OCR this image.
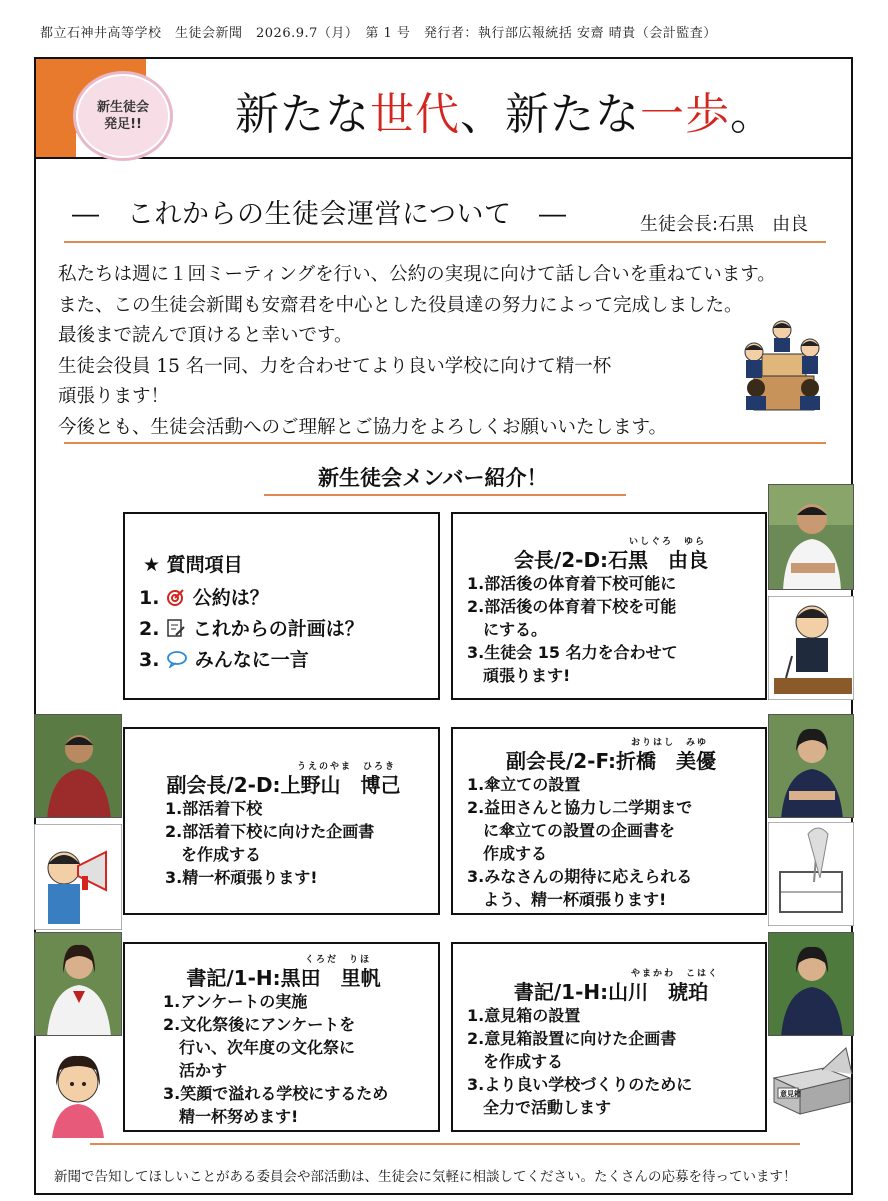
都立石神井高等学校　生徒会新聞　2026.9.7（月）　第 1 号　発行者：執行部広報統括 安齋 晴貴（会計監査）
新生徒会
発足!! 新たな世代、新たな一歩。
―　これからの生徒会運営について　―	生徒会長:石黒　由良
私たちは週に１回ミーティングを行い、公約の実現に向けて話し合いを重ねています。
また、この生徒会新聞も安齋君を中心とした役員達の努力によって完成しました。
最後まで読んで頂けると幸いです。
生徒会役員 15 名一同、力を合わせてより良い学校に向けて精一杯
頑張ります！
今後とも、生徒会活動へのご理解とご協力をよろしくお願いいたします。
新生徒会メンバー紹介！
★ 質問項目
1. 公約は？
2. これからの計画は？
3. みんなに一言
いしぐろ　ゆら
会長/2-D:石黒　由良
1.部活後の体育着下校可能に
2.部活後の体育着下校を可能
　にする。
3.生徒会 15 名力を合わせて
　頑張ります!
うえのやま　ひろき
副会長/2-D:上野山　博己
1.部活着下校
2.部活着下校に向けた企画書
　を作成する
3.精一杯頑張ります!
おりはし　みゆ
副会長/2-F:折橋　美優
1.傘立ての設置
2.益田さんと協力し二学期まで
　に傘立ての設置の企画書を
　作成する
3.みなさんの期待に応えられる
　よう、精一杯頑張ります!
くろだ　りほ
書記/1-H:黒田　里帆
1.アンケートの実施
2.文化祭後にアンケートを
　行い、次年度の文化祭に
　活かす
3.笑顔で溢れる学校にするため
　精一杯努めます!
やまかわ　こはく
書記/1-H:山川　琥珀
1.意見箱の設置
2.意見箱設置に向けた企画書
　を作成する
3.より良い学校づくりのために
　全力で活動します
意見箱
新聞で告知してほしいことがある委員会や部活動は、生徒会に気軽に相談してください。たくさんの応募を待っています！
